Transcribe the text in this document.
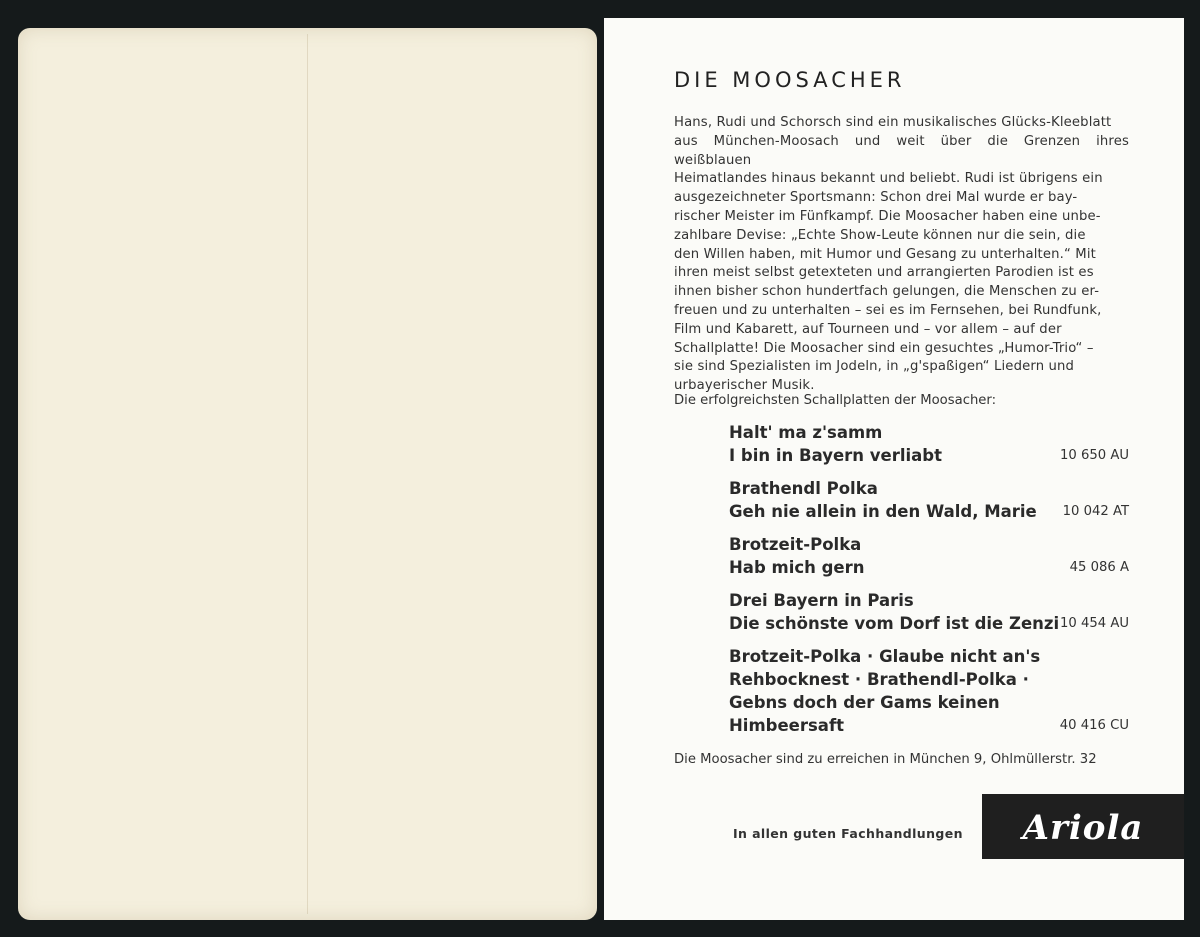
DIE MOOSACHER
Hans, Rudi und Schorsch sind ein musikalisches Glücks-Kleeblatt
aus München-Moosach und weit über die Grenzen ihres weißblauen
Heimatlandes hinaus bekannt und beliebt. Rudi ist übrigens ein
ausgezeichneter Sportsmann: Schon drei Mal wurde er bay-
rischer Meister im Fünfkampf. Die Moosacher haben eine unbe-
zahlbare Devise: „Echte Show-Leute können nur die sein, die
den Willen haben, mit Humor und Gesang zu unterhalten.“ Mit
ihren meist selbst getexteten und arrangierten Parodien ist es
ihnen bisher schon hundertfach gelungen, die Menschen zu er-
freuen und zu unterhalten – sei es im Fernsehen, bei Rundfunk,
Film und Kabarett, auf Tourneen und – vor allem – auf der
Schallplatte! Die Moosacher sind ein gesuchtes „Humor-Trio“ –
sie sind Spezialisten im Jodeln, in „g'spaßigen“ Liedern und
urbayerischer Musik.
Die erfolgreichsten Schallplatten der Moosacher:
Halt' ma z'samm
I bin in Bayern verliabt	10 650 AU
Brathendl Polka
Geh nie allein in den Wald, Marie	10 042 AT
Brotzeit-Polka
Hab mich gern	45 086 A
Drei Bayern in Paris
Die schönste vom Dorf ist die Zenzi 10 454 AU
Brotzeit-Polka · Glaube nicht an's
Rehbocknest · Brathendl-Polka ·
Gebns doch der Gams keinen
Himbeersaft	40 416 CU
Die Moosacher sind zu erreichen in München 9, Ohlmüllerstr. 32
In allen guten Fachhandlungen Ariola
